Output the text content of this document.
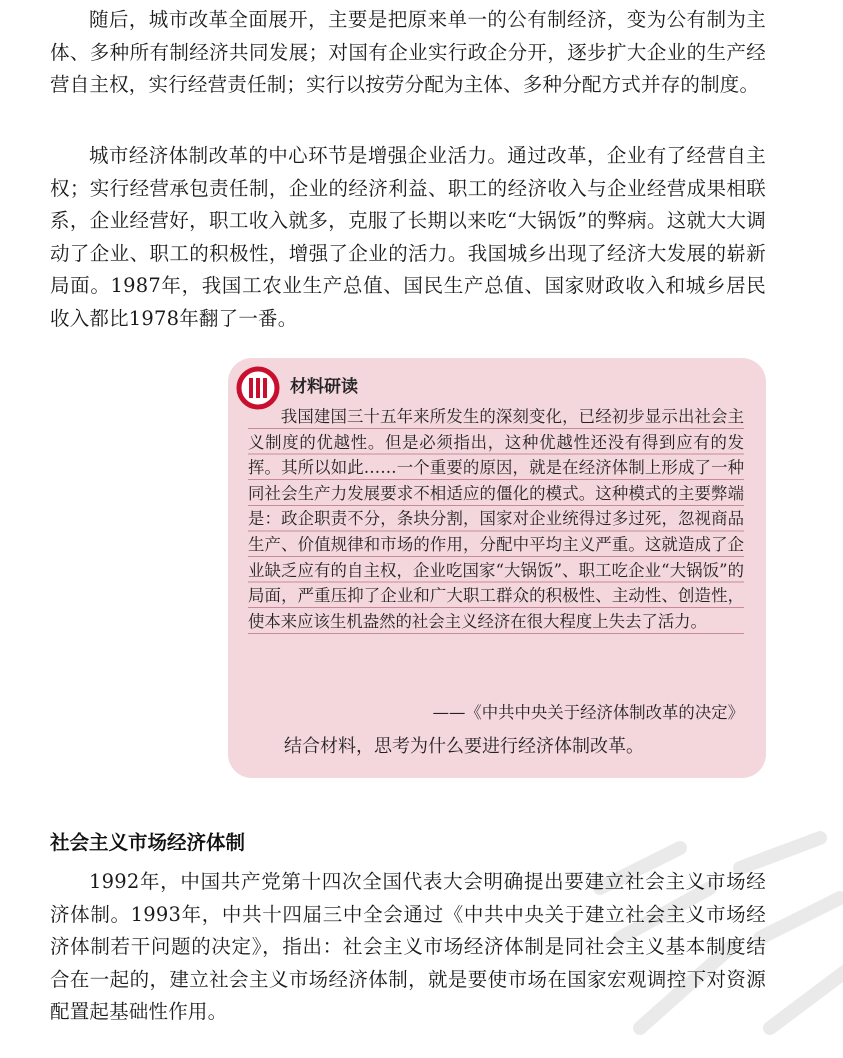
随后，城市改革全面展开，主要是把原来单一的公有制经济，变为公有制为主体、多种所有制经济共同发展；对国有企业实行政企分开，逐步扩大企业的生产经营自主权，实行经营责任制；实行以按劳分配为主体、多种分配方式并存的制度。

城市经济体制改革的中心环节是增强企业活力。通过改革，企业有了经营自主权；实行经营承包责任制，企业的经济利益、职工的经济收入与企业经营成果相联系，企业经营好，职工收入就多，克服了长期以来吃“大锅饭”的弊病。这就大大调动了企业、职工的积极性，增强了企业的活力。我国城乡出现了经济大发展的崭新局面。1987年，我国工农业生产总值、国民生产总值、国家财政收入和城乡居民收入都比1978年翻了一番。

材料研读

我国建国三十五年来所发生的深刻变化，已经初步显示出社会主义制度的优越性。但是必须指出，这种优越性还没有得到应有的发挥。其所以如此……一个重要的原因，就是在经济体制上形成了一种同社会生产力发展要求不相适应的僵化的模式。这种模式的主要弊端是：政企职责不分，条块分割，国家对企业统得过多过死，忽视商品生产、价值规律和市场的作用，分配中平均主义严重。这就造成了企业缺乏应有的自主权，企业吃国家“大锅饭”、职工吃企业“大锅饭”的局面，严重压抑了企业和广大职工群众的积极性、主动性、创造性，使本来应该生机盎然的社会主义经济在很大程度上失去了活力。

——《中共中央关于经济体制改革的决定》

结合材料，思考为什么要进行经济体制改革。

社会主义市场经济体制

1992年，中国共产党第十四次全国代表大会明确提出要建立社会主义市场经济体制。1993年，中共十四届三中全会通过《中共中央关于建立社会主义市场经济体制若干问题的决定》，指出：社会主义市场经济体制是同社会主义基本制度结合在一起的，建立社会主义市场经济体制，就是要使市场在国家宏观调控下对资源配置起基础性作用。
